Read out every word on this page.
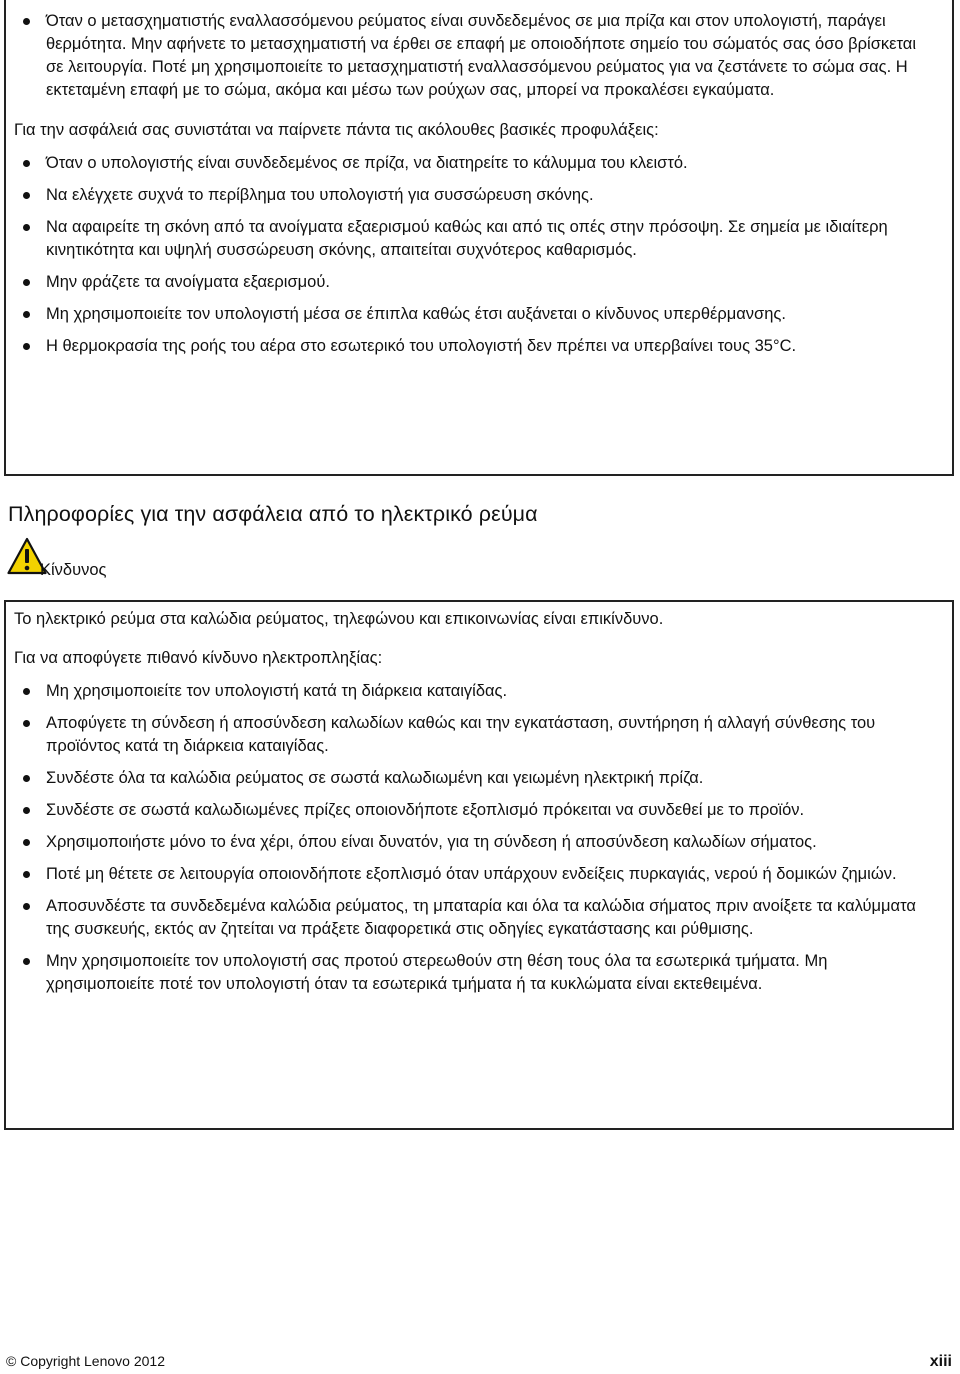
Όταν ο μετασχηματιστής εναλλασσόμενου ρεύματος είναι συνδεδεμένος σε μια πρίζα και στον υπολογιστή, παράγει θερμότητα. Μην αφήνετε το μετασχηματιστή να έρθει σε επαφή με οποιοδήποτε σημείο του σώματός σας όσο βρίσκεται σε λειτουργία. Ποτέ μη χρησιμοποιείτε το μετασχηματιστή εναλλασσόμενου ρεύματος για να ζεστάνετε το σώμα σας. Η εκτεταμένη επαφή με το σώμα, ακόμα και μέσω των ρούχων σας, μπορεί να προκαλέσει εγκαύματα.

Για την ασφάλειά σας συνιστάται να παίρνετε πάντα τις ακόλουθες βασικές προφυλάξεις:

Όταν ο υπολογιστής είναι συνδεδεμένος σε πρίζα, να διατηρείτε το κάλυμμα του κλειστό.
Να ελέγχετε συχνά το περίβλημα του υπολογιστή για συσσώρευση σκόνης.
Να αφαιρείτε τη σκόνη από τα ανοίγματα εξαερισμού καθώς και από τις οπές στην πρόσοψη. Σε σημεία με ιδιαίτερη κινητικότητα και υψηλή συσσώρευση σκόνης, απαιτείται συχνότερος καθαρισμός.
Μην φράζετε τα ανοίγματα εξαερισμού.
Μη χρησιμοποιείτε τον υπολογιστή μέσα σε έπιπλα καθώς έτσι αυξάνεται ο κίνδυνος υπερθέρμανσης.
Η θερμοκρασία της ροής του αέρα στο εσωτερικό του υπολογιστή δεν πρέπει να υπερβαίνει τους 35°C.
Πληροφορίες για την ασφάλεια από το ηλεκτρικό ρεύμα
Κίνδυνος

Το ηλεκτρικό ρεύμα στα καλώδια ρεύματος, τηλεφώνου και επικοινωνίας είναι επικίνδυνο.

Για να αποφύγετε πιθανό κίνδυνο ηλεκτροπληξίας:

Μη χρησιμοποιείτε τον υπολογιστή κατά τη διάρκεια καταιγίδας.
Αποφύγετε τη σύνδεση ή αποσύνδεση καλωδίων καθώς και την εγκατάσταση, συντήρηση ή αλλαγή σύνθεσης του προϊόντος κατά τη διάρκεια καταιγίδας.
Συνδέστε όλα τα καλώδια ρεύματος σε σωστά καλωδιωμένη και γειωμένη ηλεκτρική πρίζα.
Συνδέστε σε σωστά καλωδιωμένες πρίζες οποιονδήποτε εξοπλισμό πρόκειται να συνδεθεί με το προϊόν.
Χρησιμοποιήστε μόνο το ένα χέρι, όπου είναι δυνατόν, για τη σύνδεση ή αποσύνδεση καλωδίων σήματος.
Ποτέ μη θέτετε σε λειτουργία οποιονδήποτε εξοπλισμό όταν υπάρχουν ενδείξεις πυρκαγιάς, νερού ή δομικών ζημιών.
Αποσυνδέστε τα συνδεδεμένα καλώδια ρεύματος, τη μπαταρία και όλα τα καλώδια σήματος πριν ανοίξετε τα καλύμματα της συσκευής, εκτός αν ζητείται να πράξετε διαφορετικά στις οδηγίες εγκατάστασης και ρύθμισης.
Μην χρησιμοποιείτε τον υπολογιστή σας προτού στερεωθούν στη θέση τους όλα τα εσωτερικά τμήματα. Μη χρησιμοποιείτε ποτέ τον υπολογιστή όταν τα εσωτερικά τμήματα ή τα κυκλώματα είναι εκτεθειμένα.
© Copyright Lenovo 2012	xiii
